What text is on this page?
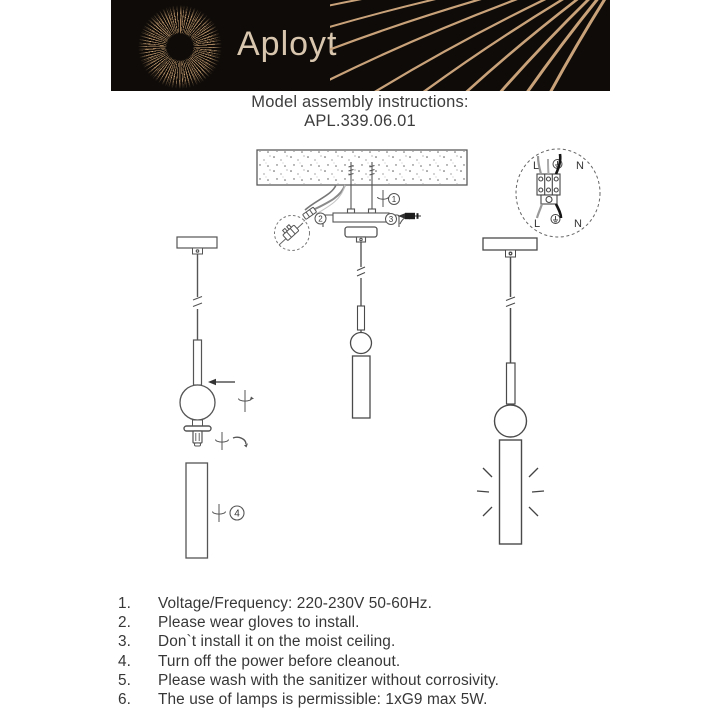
Aployt
Model assembly instructions:
APL.339.06.01
2
1
3
L	N
L	N
4
1.	Voltage/Frequency: 220-230V 50-60Hz.
2.	Please wear gloves to install.
3.	Don`t install it on the moist ceiling.
4.	Turn off the power before cleanout.
5.	Please wash with the sanitizer without corrosivity.
6.	The use of lamps is permissible: 1xG9 max 5W.
